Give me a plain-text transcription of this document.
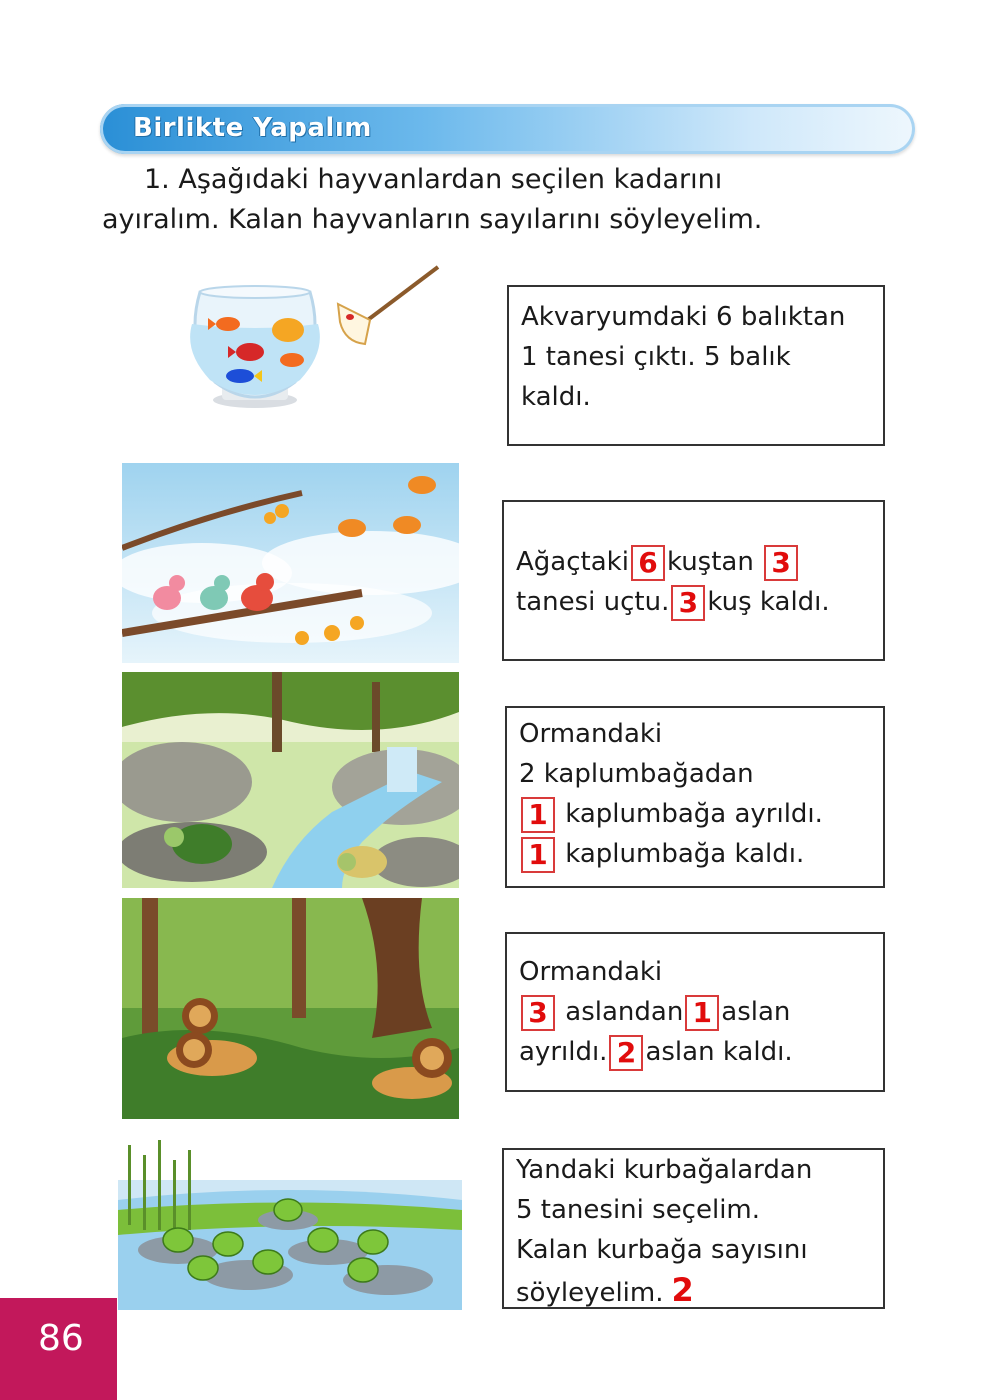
Birlikte Yapalım
1. Aşağıdaki hayvanlardan seçilen kadarını
ayıralım. Kalan hayvanların sayılarını söyleyelim.
Akvaryumdaki 6 balıktan
1 tanesi çıktı. 5 balık
kaldı.
Ağaçtaki 6 kuştan 3
tanesi uçtu. 3 kuş kaldı.
Ormandaki
2 kaplumbağadan
1 kaplumbağa ayrıldı.
1 kaplumbağa kaldı.
Ormandaki
3 aslandan 1 aslan
ayrıldı. 2 aslan kaldı.
Yandaki kurbağalardan
5 tanesini seçelim.
Kalan kurbağa sayısını
söyleyelim. 2
86
